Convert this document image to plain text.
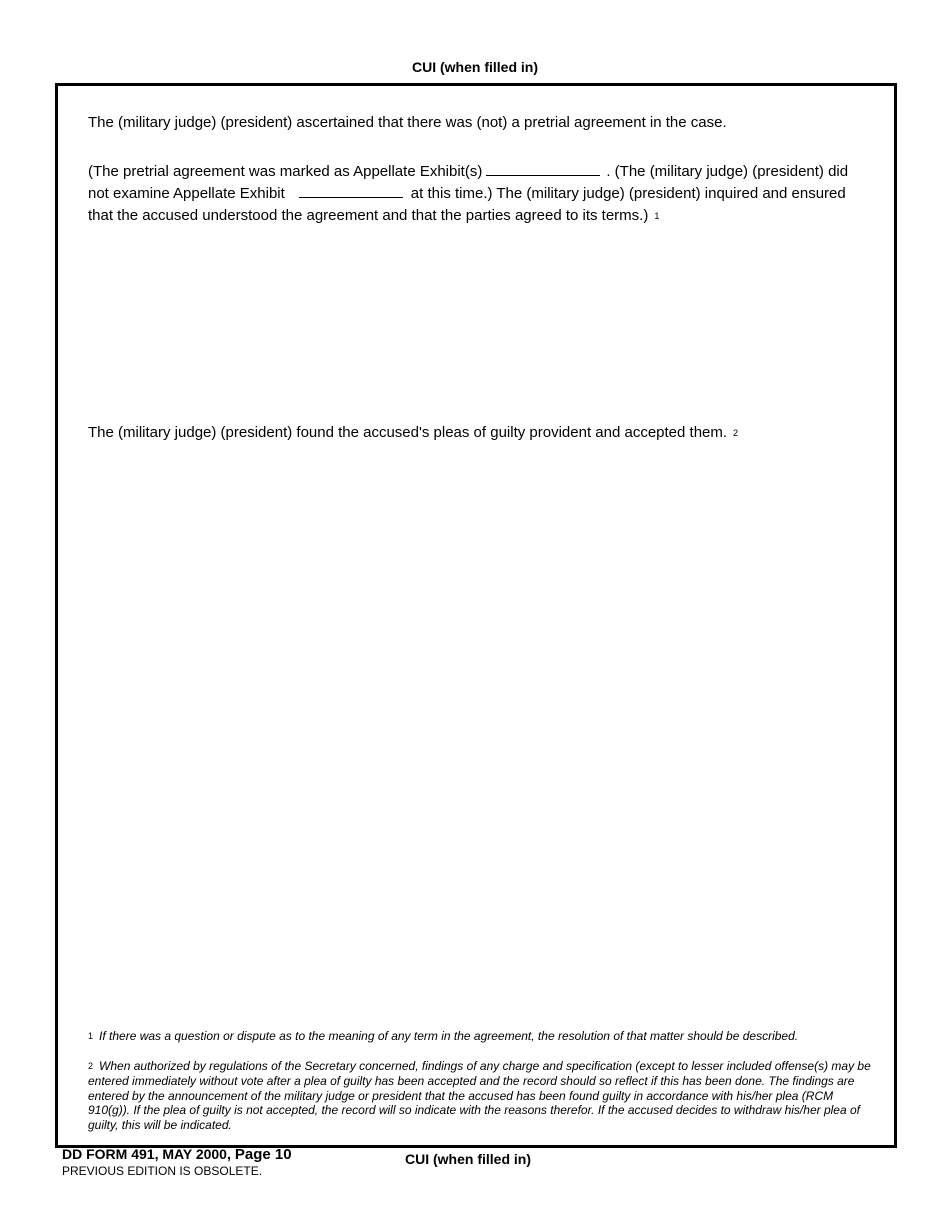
CUI (when filled in)
The (military judge) (president) ascertained that there was (not) a pretrial agreement in the case.
(The pretrial agreement was marked as Appellate Exhibit(s)	. (The (military judge) (president) did not examine Appellate Exhibit	at this time.) The (military judge) (president) inquired and ensured that the accused understood the agreement and that the parties agreed to its terms.) 1
The (military judge) (president) found the accused's pleas of guilty provident and accepted them. 2
1 If there was a question or dispute as to the meaning of any term in the agreement, the resolution of that matter should be described.
2 When authorized by regulations of the Secretary concerned, findings of any charge and specification (except to lesser included offense(s) may be entered immediately without vote after a plea of guilty has been accepted and the record should so reflect if this has been done. The findings are entered by the announcement of the military judge or president that the accused has been found guilty in accordance with his/her plea (RCM 910(g)). If the plea of guilty is not accepted, the record will so indicate with the reasons therefor. If the accused decides to withdraw his/her plea of guilty, this will be indicated.
DD FORM 491, MAY 2000, Page 10
PREVIOUS EDITION IS OBSOLETE.
CUI (when filled in)
